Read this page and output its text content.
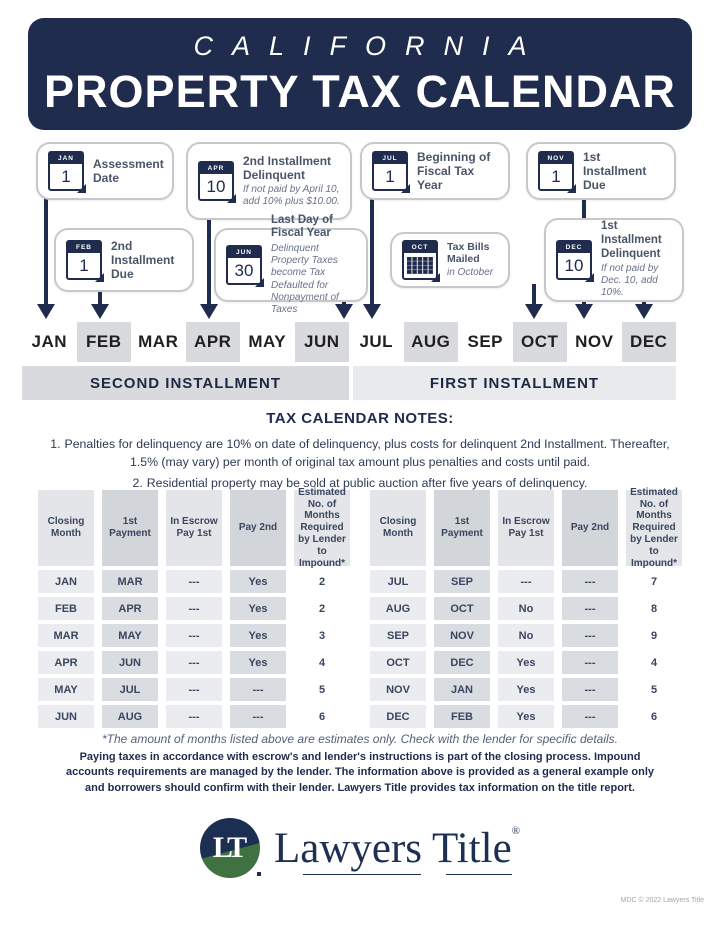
CALIFORNIA
PROPERTY TAX CALENDAR
JAN
1
Assessment Date
APR
10
2nd Installment Delinquent
If not paid by April 10, add 10% plus $10.00.
JUL
1
Beginning of Fiscal Tax Year
NOV
1
1st Installment Due
FEB
1
2nd Installment Due
JUN
30
Last Day of Fiscal Year
Delinquent Property Taxes become Tax Defaulted for Nonpayment of Taxes
OCT	Tax Bills Mailed
in October
DEC
10
1st Installment Delinquent
If not paid by Dec. 10, add 10%.
JAN	FEB MAR APR MAY	JUN	JUL	AUG	SEP	OCT NOV DEC
SECOND INSTALLMENT	FIRST INSTALLMENT
TAX CALENDAR NOTES:
1. Penalties for delinquency are 10% on date of delinquency, plus costs for delinquent 2nd Installment. Thereafter, 1.5% (may vary) per month of original tax amount plus penalties and costs until paid.
2. Residential property may be sold at public auction after five years of delinquency.
Closing Month
1st Payment
In Escrow Pay 1st
Pay 2nd
Estimated No. of Months Required by Lender to Impound*
JAN	MAR	---	Yes	2
FEB	APR	---	Yes	2
MAR	MAY	---	Yes	3
APR	JUN	---	Yes	4
MAY	JUL	---	---	5
JUN	AUG	---	---	6
Closing Month
1st Payment
In Escrow Pay 1st
Pay 2nd
Estimated No. of Months Required by Lender to Impound*
JUL	SEP	---	---	7
AUG	OCT	No	---	8
SEP	NOV	No	---	9
OCT	DEC	Yes	---	4
NOV	JAN	Yes	---	5
DEC	FEB	Yes	---	6
*The amount of months listed above are estimates only. Check with the lender for specific details.
Paying taxes in accordance with escrow's and lender's instructions is part of the closing process. Impound accounts requirements are managed by the lender. The information above is provided as a general example only and borrowers should confirm with their lender. Lawyers Title provides tax information on the title report.
LT Lawyers Title®
MDC © 2022 Lawyers Title
